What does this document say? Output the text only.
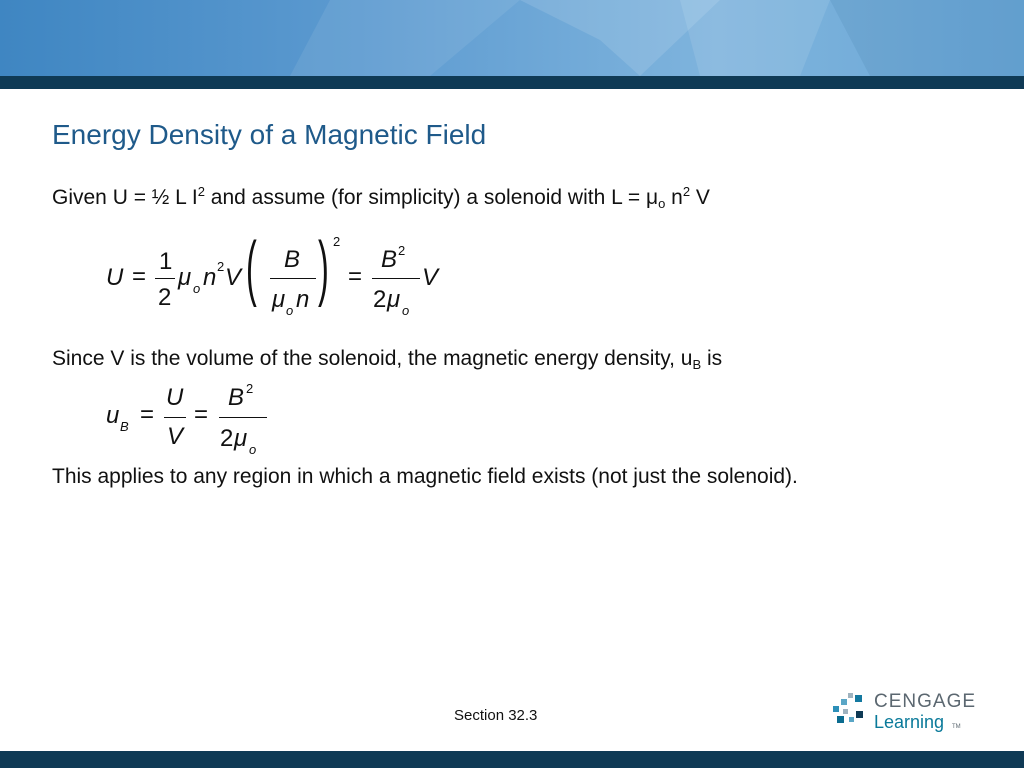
Energy Density of a Magnetic Field
Given U = ½ L $I^2$ and assume (for simplicity) a solenoid with $L = \mu_o$ $n^2$ V
U =
1
2
μ o n 2 V ( B
μ o n ) 2
=
B 2
2 μ o
V
Since V is the volume of the solenoid, the magnetic energy density, $u_B$ is
u B =
U
V
=
B 2
2 μ o
This applies to any region in which a magnetic field exists (not just the solenoid).
Section 32.3
CENGAGE
Learning TM
